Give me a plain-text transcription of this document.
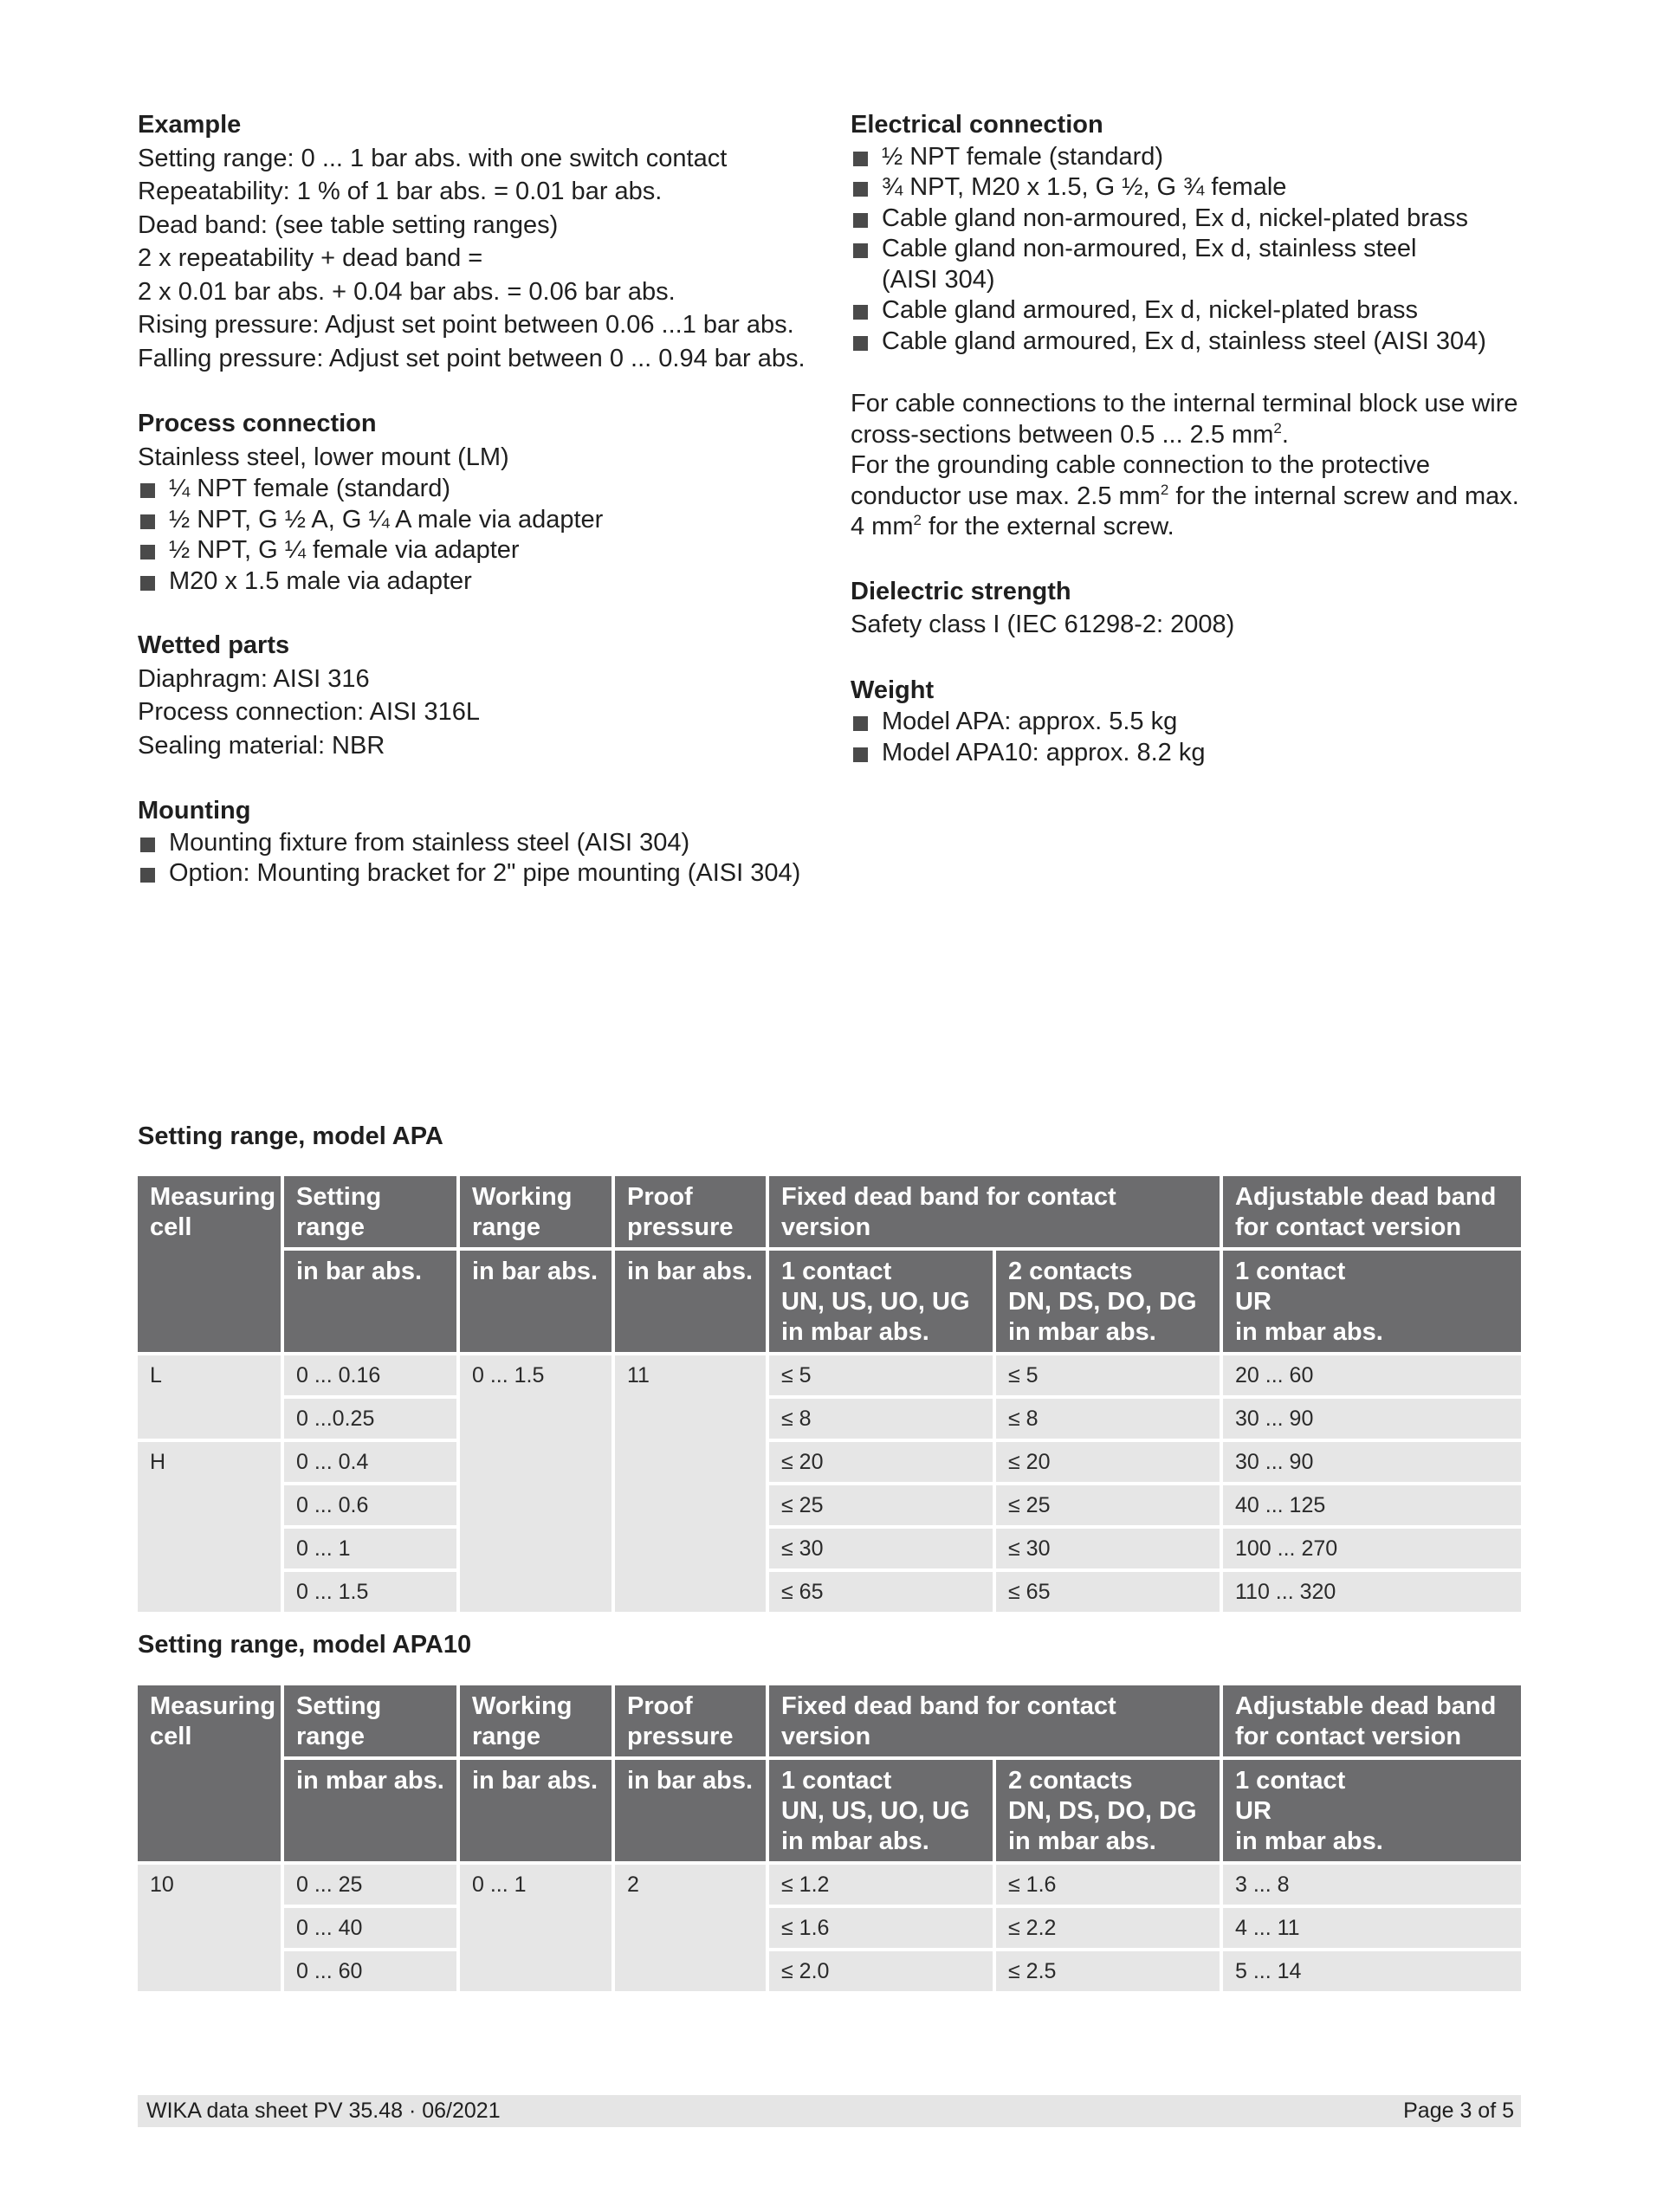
Example
Setting range: 0 ... 1 bar abs. with one switch contact
Repeatability: 1 % of 1 bar abs. = 0.01 bar abs.
Dead band: (see table setting ranges)
2 x repeatability + dead band =
2 x 0.01 bar abs. + 0.04 bar abs. = 0.06 bar abs.
Rising pressure: Adjust set point between 0.06 ...1 bar abs.
Falling pressure: Adjust set point between 0 ... 0.94 bar abs.
Process connection
Stainless steel, lower mount (LM)
¼ NPT female (standard)
½ NPT, G ½ A, G ¼ A male via adapter
½ NPT, G ¼ female via adapter
M20 x 1.5 male via adapter
Wetted parts
Diaphragm: AISI 316
Process connection: AISI 316L
Sealing material: NBR
Mounting
Mounting fixture from stainless steel (AISI 304)
Option: Mounting bracket for 2" pipe mounting (AISI 304)
Electrical connection
½ NPT female (standard)
¾ NPT, M20 x 1.5, G ½, G ¾ female
Cable gland non-armoured, Ex d, nickel-plated brass
Cable gland non-armoured, Ex d, stainless steel (AISI 304)
Cable gland armoured, Ex d, nickel-plated brass
Cable gland armoured, Ex d, stainless steel (AISI 304)
For cable connections to the internal terminal block use wire cross-sections between 0.5 ... 2.5 $mm^2$.
For the grounding cable connection to the protective conductor use max. 2.5 $mm^2$ for the internal screw and max. 4 $mm^2$ for the external screw.
Dielectric strength
Safety class I (IEC 61298-2: 2008)
Weight
Model APA: approx. 5.5 kg
Model APA10: approx. 8.2 kg
Setting range, model APA
Measuring cell	Setting range	Working range	Proof pressure	Fixed dead band for contact version		Adjustable dead band for contact version
	in bar abs.	in bar abs.	in bar abs.	1 contact
UN, US, UO, UG
in mbar abs.	2 contacts
DN, DS, DO, DG
in mbar abs.	1 contact
UR
in mbar abs.
L	0 ... 0.16	0 ... 1.5	11	≤ 5	≤ 5	20 ... 60
	0 ...0.25			≤ 8	≤ 8	30 ... 90
H	0 ... 0.4			≤ 20	≤ 20	30 ... 90
	0 ... 0.6			≤ 25	≤ 25	40 ... 125
	0 ... 1			≤ 30	≤ 30	100 ... 270
	0 ... 1.5			≤ 65	≤ 65	110 ... 320
Setting range, model APA10
Measuring cell	Setting range	Working range	Proof pressure	Fixed dead band for contact version		Adjustable dead band for contact version
	in mbar abs.	in bar abs.	in bar abs.	1 contact
UN, US, UO, UG
in mbar abs.	2 contacts
DN, DS, DO, DG
in mbar abs.	1 contact
UR
in mbar abs.
10	0 ... 25	0 ... 1	2	≤ 1.2	≤ 1.6	3 ... 8
	0 ... 40			≤ 1.6	≤ 2.2	4 ... 11
	0 ... 60			≤ 2.0	≤ 2.5	5 ... 14
WIKA data sheet PV 35.48 · 06/2021	Page 3 of 5
